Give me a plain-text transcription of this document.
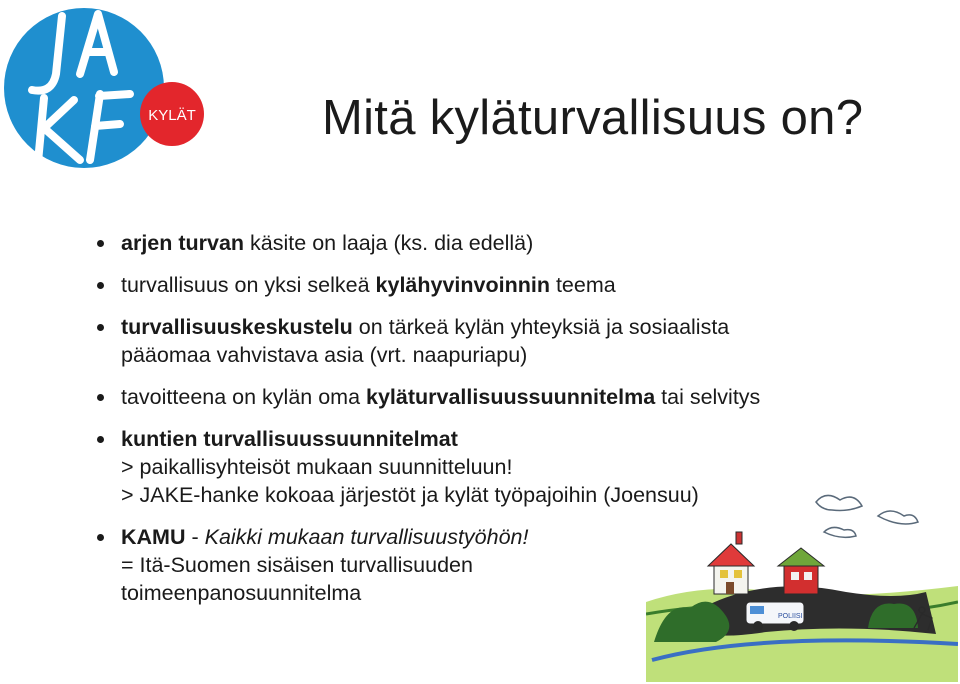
KYLÄT	Mitä kyläturvallisuus on?
arjen turvan käsite on laaja (ks. dia edellä)
turvallisuus on yksi selkeä kylähyvinvoinnin teema
turvallisuuskeskustelu on tärkeä kylän yhteyksiä ja sosiaalista
pääomaa vahvistava asia (vrt. naapuriapu)
tavoitteena on kylän oma kyläturvallisuussuunnitelma tai selvitys
kuntien turvallisuussuunnitelmat
> paikallisyhteisöt mukaan suunnitteluun!
> JAKE-hanke kokoaa järjestöt ja kylät työpajoihin (Joensuu)
KAMU - Kaikki mukaan turvallisuustyöhön!
= Itä-Suomen sisäisen turvallisuuden
toimeenpanosuunnitelma
POLIISI
